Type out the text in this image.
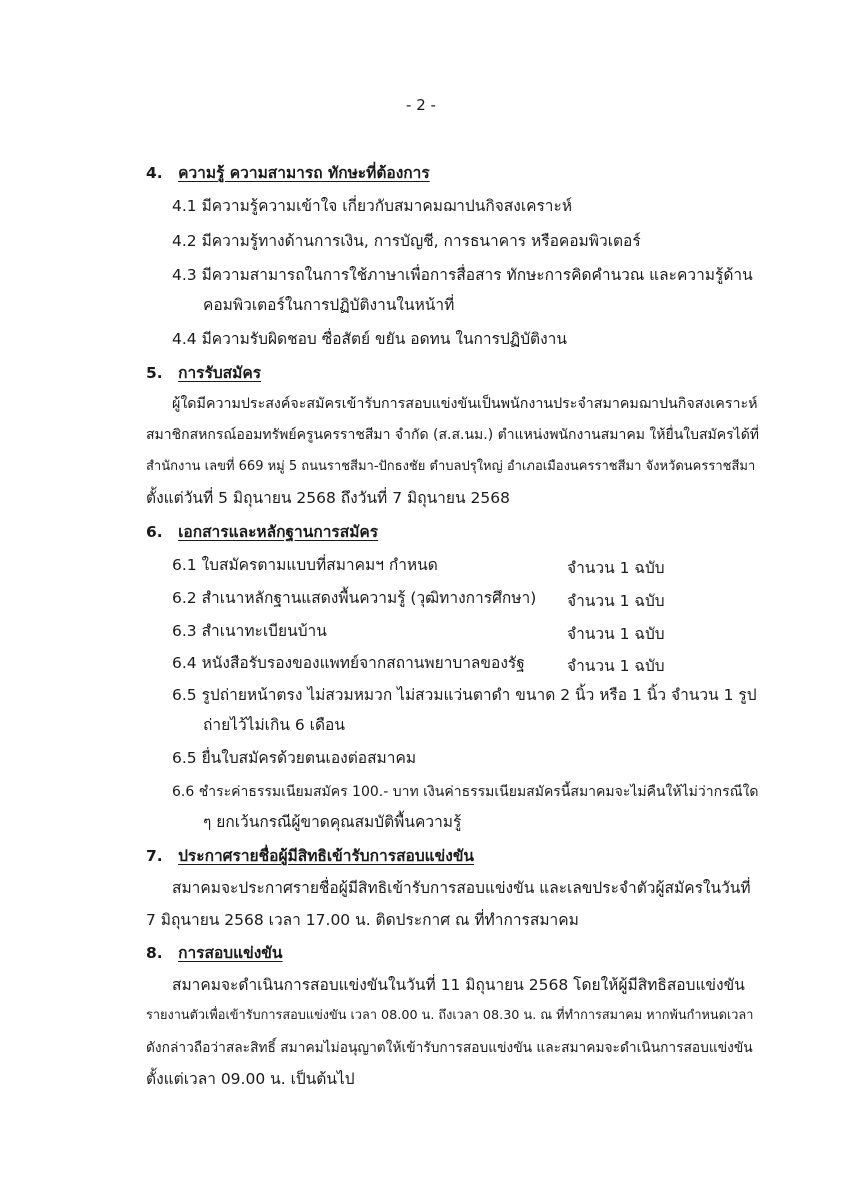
- 2 -
4. ความรู้ ความสามารถ ทักษะที่ต้องการ
4.1 มีความรู้ความเข้าใจ เกี่ยวกับสมาคมฌาปนกิจสงเคราะห์
4.2 มีความรู้ทางด้านการเงิน, การบัญชี, การธนาคาร หรือคอมพิวเตอร์
4.3 มีความสามารถในการใช้ภาษาเพื่อการสื่อสาร ทักษะการคิดคำนวณ และความรู้ด้าน
คอมพิวเตอร์ในการปฏิบัติงานในหน้าที่
4.4 มีความรับผิดชอบ ซื่อสัตย์ ขยัน อดทน ในการปฏิบัติงาน
5. การรับสมัคร
ผู้ใดมีความประสงค์จะสมัครเข้ารับการสอบแข่งขันเป็นพนักงานประจำสมาคมฌาปนกิจสงเคราะห์
สมาชิกสหกรณ์ออมทรัพย์ครูนครราชสีมา จำกัด (ส.ส.นม.) ตำแหน่งพนักงานสมาคม ให้ยื่นใบสมัครได้ที่
สำนักงาน เลขที่ 669 หมู่ 5 ถนนราชสีมา-ปักธงชัย ตำบลปรุใหญ่ อำเภอเมืองนครราชสีมา จังหวัดนครราชสีมา
ตั้งแต่วันที่ 5 มิถุนายน 2568 ถึงวันที่ 7 มิถุนายน 2568
6. เอกสารและหลักฐานการสมัคร
6.1 ใบสมัครตามแบบที่สมาคมฯ กำหนด	จำนวน 1 ฉบับ
6.2 สำเนาหลักฐานแสดงพื้นความรู้ (วุฒิทางการศึกษา) จำนวน 1 ฉบับ
6.3 สำเนาทะเบียนบ้าน	จำนวน 1 ฉบับ
6.4 หนังสือรับรองของแพทย์จากสถานพยาบาลของรัฐ	จำนวน 1 ฉบับ
6.5 รูปถ่ายหน้าตรง ไม่สวมหมวก ไม่สวมแว่นตาดำ ขนาด 2 นิ้ว หรือ 1 นิ้ว จำนวน 1 รูป
ถ่ายไว้ไม่เกิน 6 เดือน
6.5 ยื่นใบสมัครด้วยตนเองต่อสมาคม
6.6 ชำระค่าธรรมเนียมสมัคร 100.- บาท เงินค่าธรรมเนียมสมัครนี้สมาคมจะไม่คืนให้ไม่ว่ากรณีใด
ๆ ยกเว้นกรณีผู้ขาดคุณสมบัติพื้นความรู้
7. ประกาศรายชื่อผู้มีสิทธิเข้ารับการสอบแข่งขัน
สมาคมจะประกาศรายชื่อผู้มีสิทธิเข้ารับการสอบแข่งขัน และเลขประจำตัวผู้สมัครในวันที่
7 มิถุนายน 2568 เวลา 17.00 น. ติดประกาศ ณ ที่ทำการสมาคม
8. การสอบแข่งขัน
สมาคมจะดำเนินการสอบแข่งขันในวันที่ 11 มิถุนายน 2568 โดยให้ผู้มีสิทธิสอบแข่งขัน
รายงานตัวเพื่อเข้ารับการสอบแข่งขัน เวลา 08.00 น. ถึงเวลา 08.30 น. ณ ที่ทำการสมาคม หากพ้นกำหนดเวลา
ดังกล่าวถือว่าสละสิทธิ์ สมาคมไม่อนุญาตให้เข้ารับการสอบแข่งขัน และสมาคมจะดำเนินการสอบแข่งขัน
ตั้งแต่เวลา 09.00 น. เป็นต้นไป
